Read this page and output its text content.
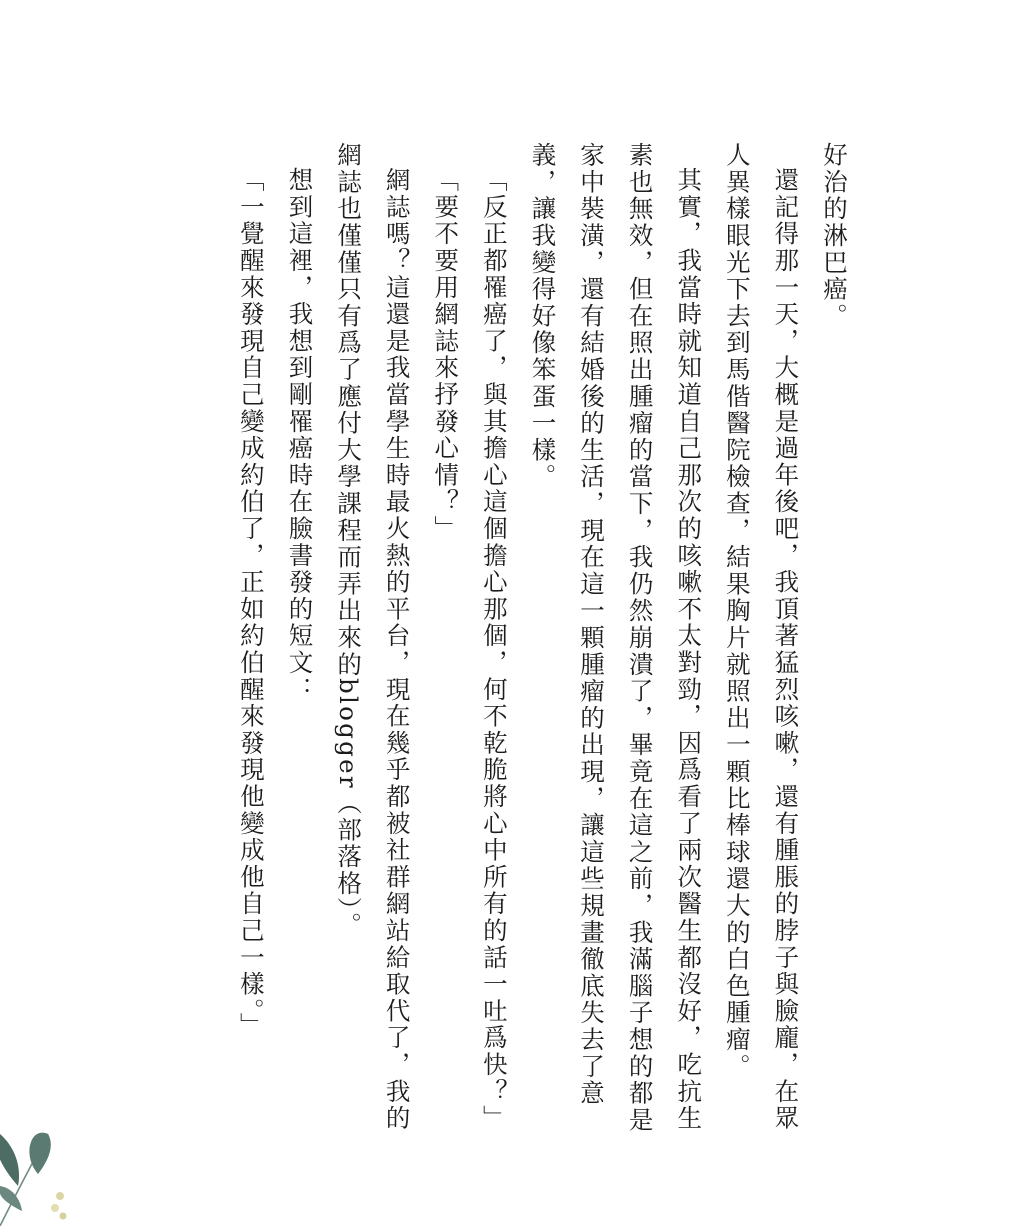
好治的淋巴癌。

還記得那一天，大概是過年後吧，我頂著猛烈咳嗽，還有腫脹的脖子與臉龐，在眾人異樣眼光下去到馬偕醫院檢查，結果胸片就照出一顆比棒球還大的白色腫瘤。

其實，我當時就知道自己那次的咳嗽不太對勁，因爲看了兩次醫生都沒好，吃抗生素也無效，但在照出腫瘤的當下，我仍然崩潰了，畢竟在這之前，我滿腦子想的都是家中裝潢，還有結婚後的生活，現在這一顆腫瘤的出現，讓這些規畫徹底失去了意義，讓我變得好像笨蛋一樣。

「反正都罹癌了，與其擔心這個擔心那個，何不乾脆將心中所有的話一吐爲快？」

「要不要用網誌來抒發心情？」

網誌嗎？這還是我當學生時最火熱的平台，現在幾乎都被社群網站給取代了，我的網誌也僅僅只有爲了應付大學課程而弄出來的blogger（部落格）。

想到這裡，我想到剛罹癌時在臉書發的短文：

「一覺醒來發現自己變成約伯了，正如約伯醒來發現他變成他自己一樣。」
